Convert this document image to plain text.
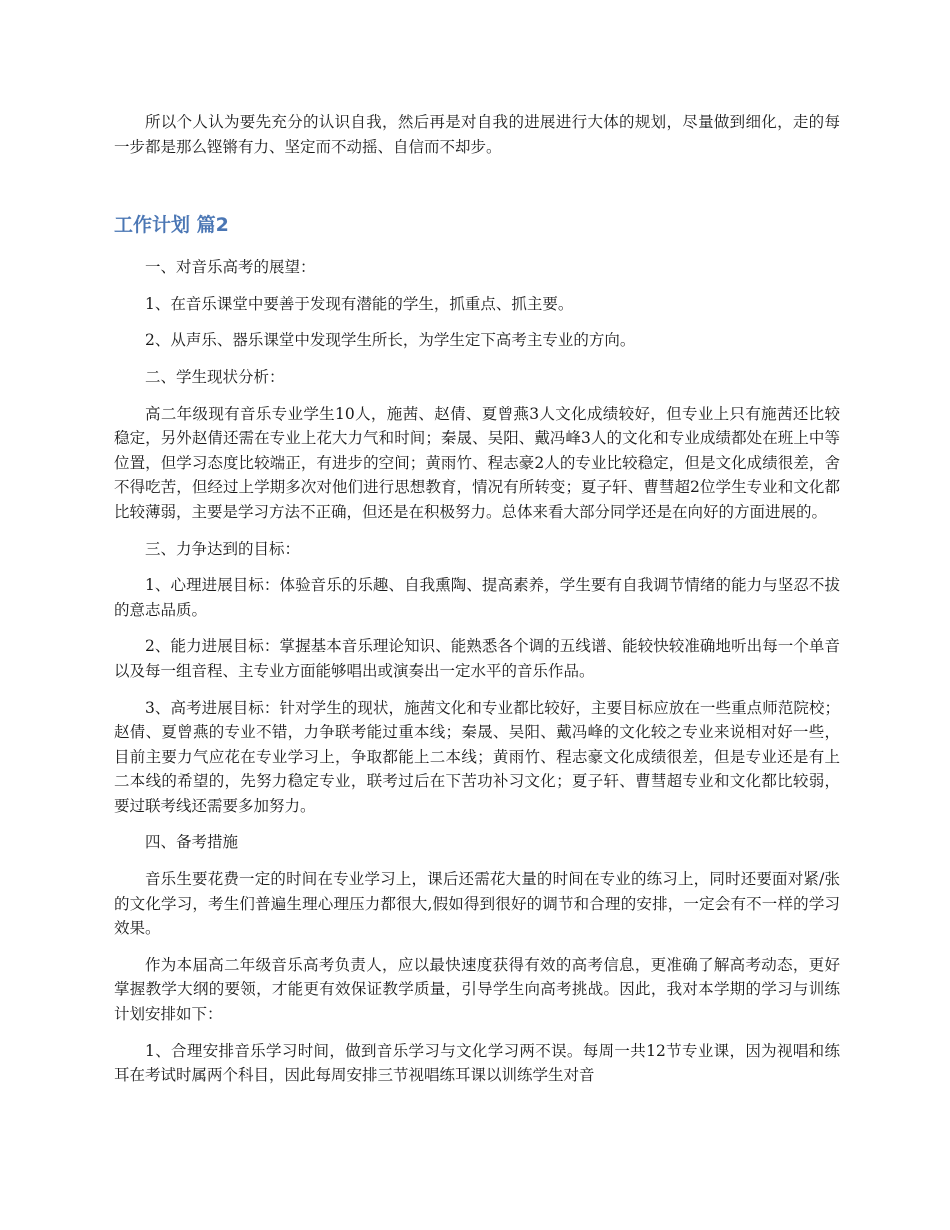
所以个人认为要先充分的认识自我，然后再是对自我的进展进行大体的规划，尽量做到细化，走的每一步都是那么铿锵有力、坚定而不动摇、自信而不却步。

工作计划 篇2

一、对音乐高考的展望：

1、在音乐课堂中要善于发现有潜能的学生，抓重点、抓主要。

2、从声乐、器乐课堂中发现学生所长，为学生定下高考主专业的方向。

二、学生现状分析：

高二年级现有音乐专业学生10人，施茜、赵倩、夏曾燕3人文化成绩较好，但专业上只有施茜还比较稳定，另外赵倩还需在专业上花大力气和时间；秦晟、吴阳、戴冯峰3人的文化和专业成绩都处在班上中等位置，但学习态度比较端正，有进步的空间；黄雨竹、程志豪2人的专业比较稳定，但是文化成绩很差，舍不得吃苦，但经过上学期多次对他们进行思想教育，情况有所转变；夏子轩、曹彗超2位学生专业和文化都比较薄弱，主要是学习方法不正确，但还是在积极努力。总体来看大部分同学还是在向好的方面进展的。

三、力争达到的目标：

1、心理进展目标：体验音乐的乐趣、自我熏陶、提高素养，学生要有自我调节情绪的能力与坚忍不拔的意志品质。

2、能力进展目标：掌握基本音乐理论知识、能熟悉各个调的五线谱、能较快较准确地听出每一个单音以及每一组音程、主专业方面能够唱出或演奏出一定水平的音乐作品。

3、高考进展目标：针对学生的现状，施茜文化和专业都比较好，主要目标应放在一些重点师范院校；赵倩、夏曾燕的专业不错，力争联考能过重本线；秦晟、吴阳、戴冯峰的文化较之专业来说相对好一些，目前主要力气应花在专业学习上，争取都能上二本线；黄雨竹、程志豪文化成绩很差，但是专业还是有上二本线的希望的，先努力稳定专业，联考过后在下苦功补习文化；夏子轩、曹彗超专业和文化都比较弱，要过联考线还需要多加努力。

四、备考措施

音乐生要花费一定的时间在专业学习上，课后还需花大量的时间在专业的练习上，同时还要面对紧/张的文化学习，考生们普遍生理心理压力都很大,假如得到很好的调节和合理的安排，一定会有不一样的学习效果。

作为本届高二年级音乐高考负责人，应以最快速度获得有效的高考信息，更准确了解高考动态，更好掌握教学大纲的要领，才能更有效保证教学质量，引导学生向高考挑战。因此，我对本学期的学习与训练计划安排如下：

1、合理安排音乐学习时间，做到音乐学习与文化学习两不误。每周一共12节专业课，因为视唱和练耳在考试时属两个科目，因此每周安排三节视唱练耳课以训练学生对音
